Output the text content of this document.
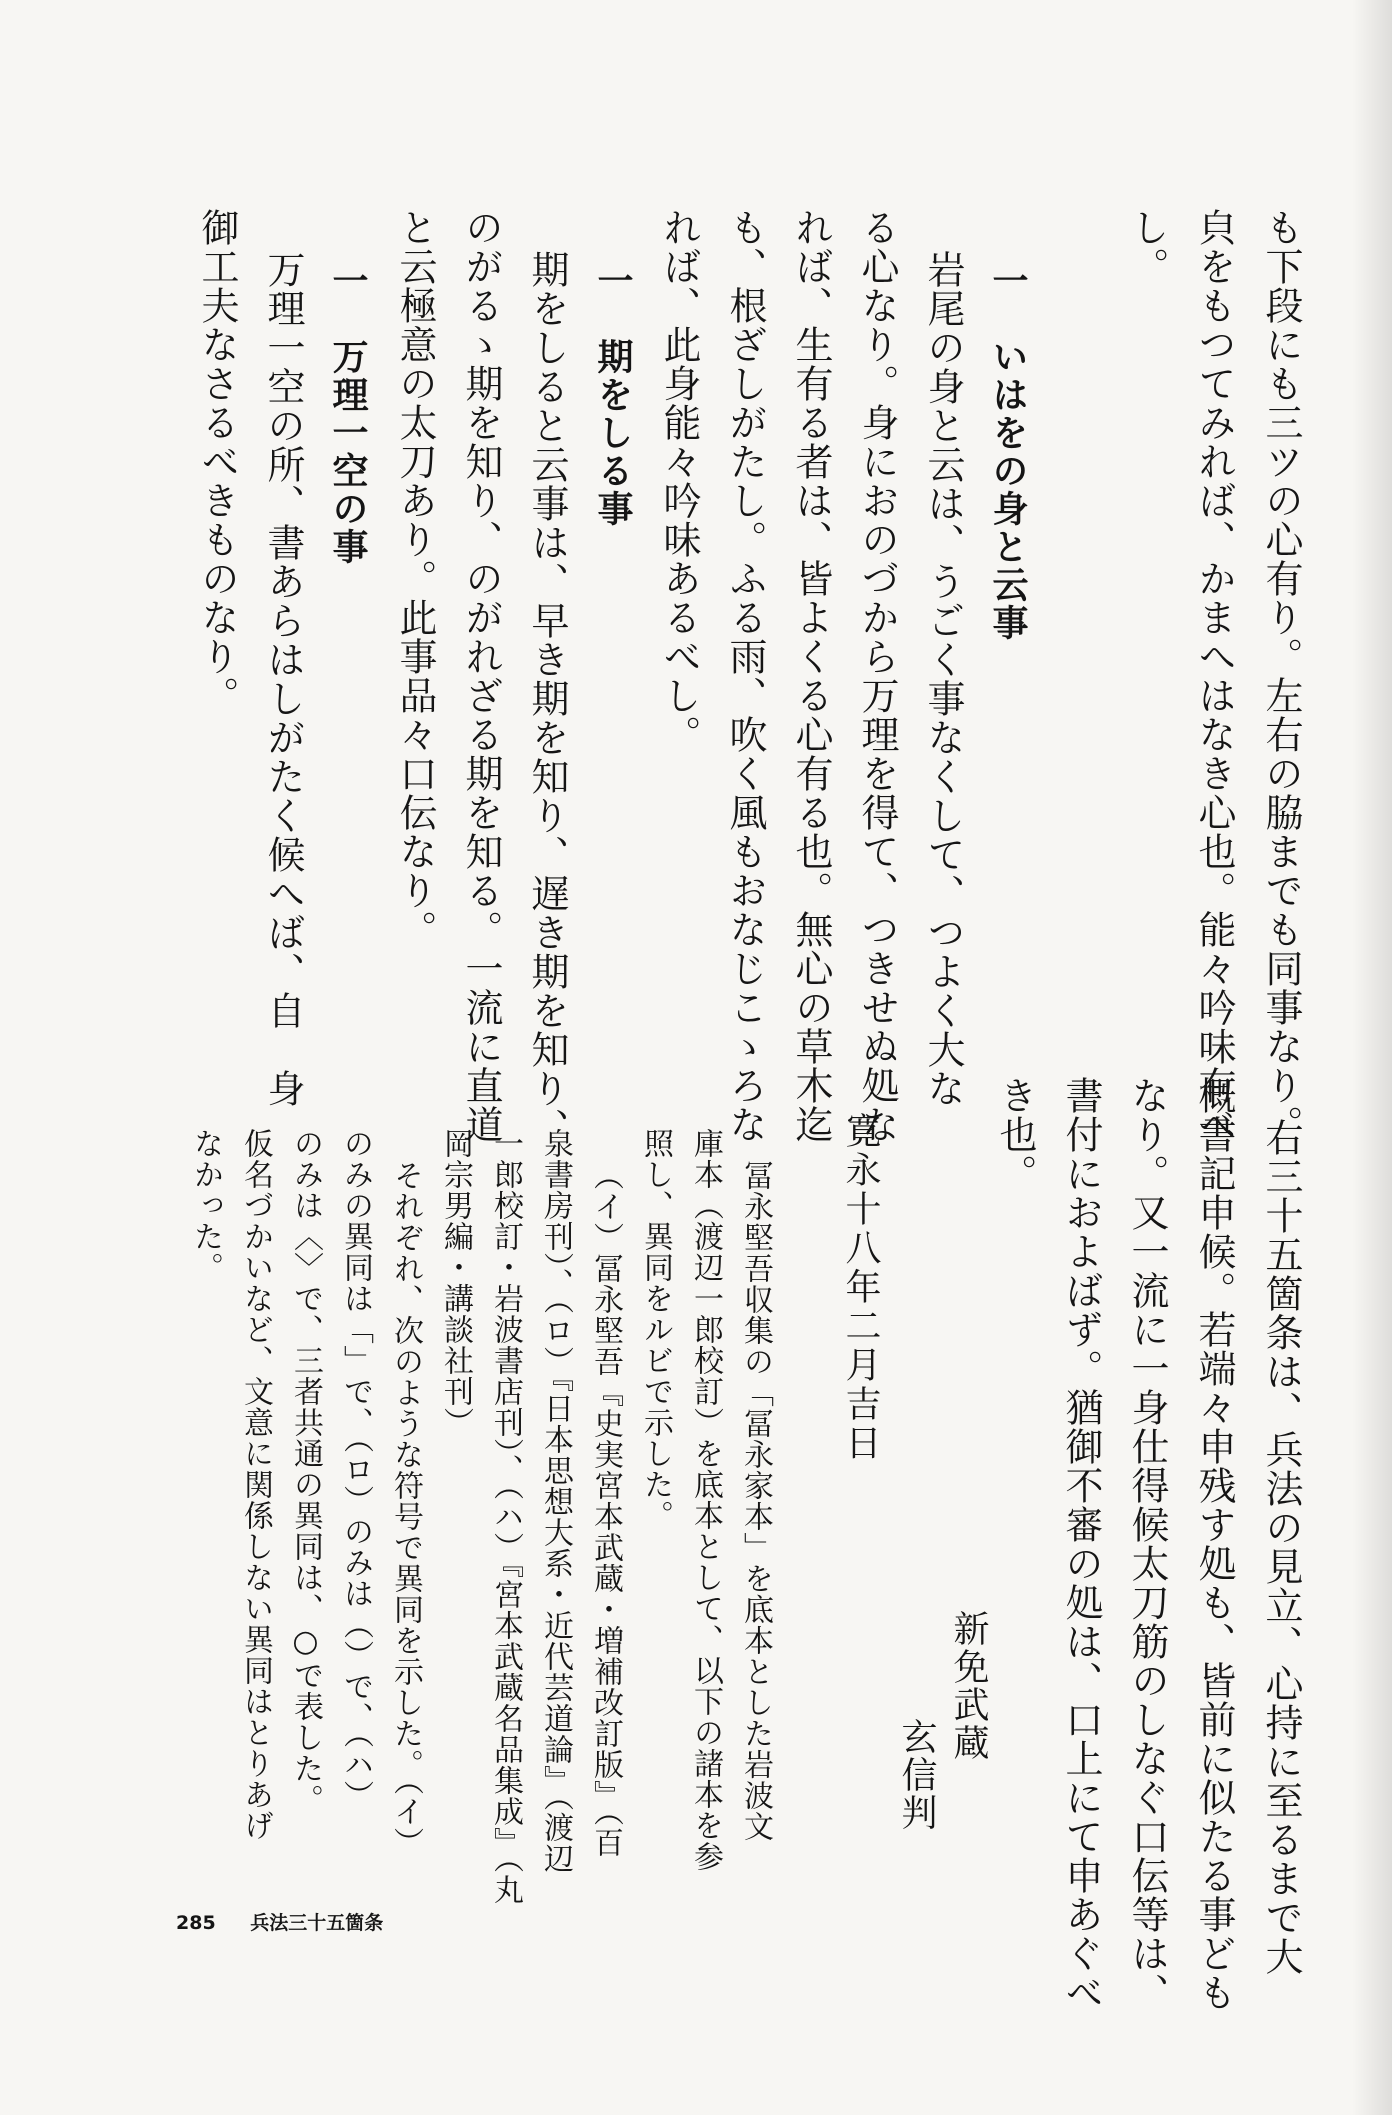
も下段にも三ツの心有り。左右の脇までも同事なり。
㒵をもつてみれば、かまへはなき心也。能々吟味有べ
し。
一　いはをの身と云事
岩尾の身と云は、うごく事なくして、つよく大な
る心なり。身におのづから万理を得て、つきせぬ処な
れば、生有る者は、皆よくる心有る也。無心の草木迄
も、根ざしがたし。ふる雨、吹く風もおなじこゝろな
れば、此身能々吟味あるべし。
一　期をしる事
期をしると云事は、早き期を知り、遅き期を知り、
のがるゝ期を知り、のがれざる期を知る。一流に直道
と云極意の太刀あり。此事品々口伝なり。
一　万理一空の事
万理一空の所、書あらはしがたく候へば、自　身
御工夫なさるべきものなり。
右三十五箇条は、兵法の見立、心持に至るまで大
概書記申候。若端々申残す処も、皆前に似たる事ども
なり。又一流に一身仕得候太刀筋のしなぐ口伝等は、
書付におよばず。猶御不審の処は、口上にて申あぐべ
き也。
新免武蔵
玄信判
寛永十八年二月吉日
冨永堅吾収集の「冨永家本」を底本とした岩波文
庫本（渡辺一郎校訂）を底本として、以下の諸本を参
照し、異同をルビで示した。
（イ）冨永堅吾『史実宮本武蔵・増補改訂版』（百
泉書房刊）、（ロ）『日本思想大系・近代芸道論』（渡辺
一郎校訂・岩波書店刊）、（ハ）『宮本武蔵名品集成』（丸
岡宗男編・講談社刊）
それぞれ、次のような符号で異同を示した。（イ）
のみの異同は「」で、（ロ）のみは（）で、（ハ）
のみは〈〉で、三者共通の異同は、○で表した。
仮名づかいなど、文意に関係しない異同はとりあげ
なかった。
285 兵法三十五箇条
